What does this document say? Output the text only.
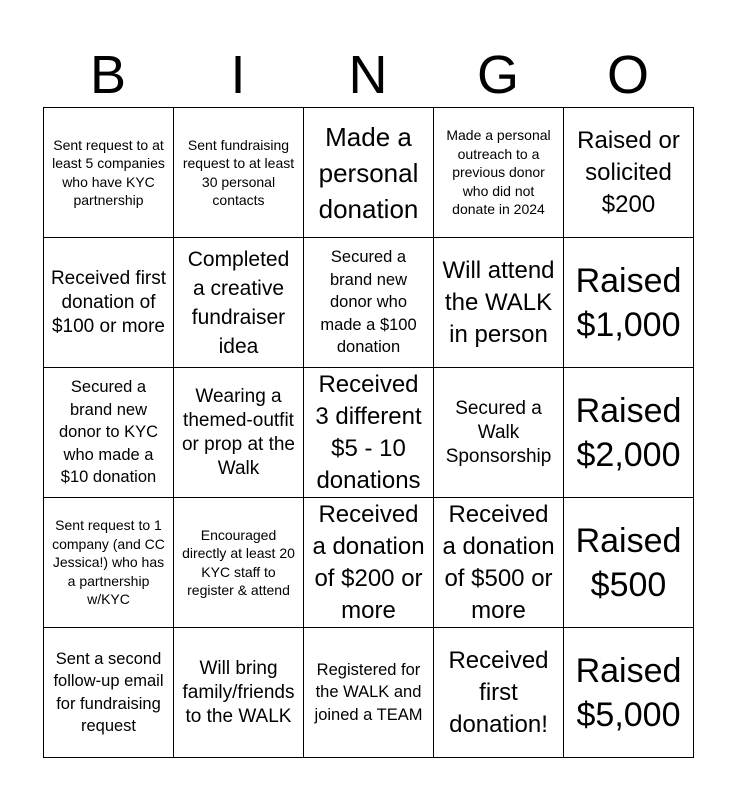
B	I	N	G	O
Sent request to at least 5 companies who have KYC partnership	Sent fundraising request to at least 30 personal contacts	Made a personal donation	Made a personal outreach to a previous donor who did not donate in 2024	Raised or solicited $200
Received first donation of $100 or more	Completed a creative fundraiser idea	Secured a brand new donor who made a $100 donation	Will attend the WALK in person	Raised $1,000
Secured a brand new donor to KYC who made a $10 donation	Wearing a themed-outfit or prop at the Walk	Received 3 different $5 - 10 donations	Secured a Walk Sponsorship	Raised $2,000
Sent request to 1 company (and CC Jessica!) who has a partnership w/KYC	Encouraged directly at least 20 KYC staff to register & attend	Received a donation of $200 or more	Received a donation of $500 or more	Raised $500
Sent a second follow-up email for fundraising request	Will bring family/friends to the WALK	Registered for the WALK and joined a TEAM	Received first donation!	Raised $5,000
